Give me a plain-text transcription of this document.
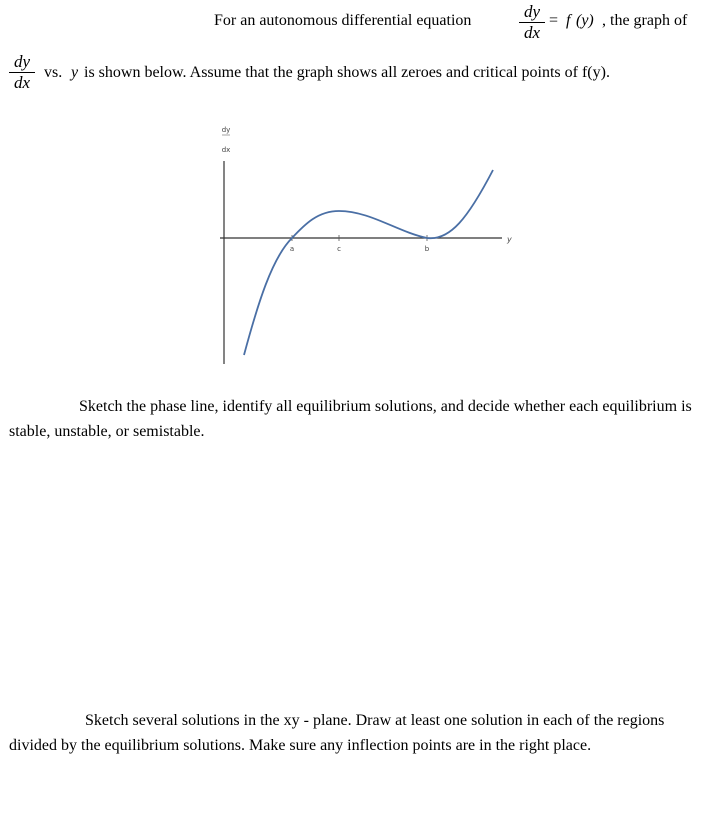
For an autonomous differential equation	dy
dx
= f (y) , the graph of
dy
dx
vs. y is shown below. Assume that the graph shows all zeroes and critical points of f(y).
dy
dx
y
a	c	b
Sketch the phase line, identify all equilibrium solutions, and decide whether each equilibrium is stable, unstable, or semistable.
Sketch several solutions in the xy - plane. Draw at least one solution in each of the regions divided by the equilibrium solutions. Make sure any inflection points are in the right place.
